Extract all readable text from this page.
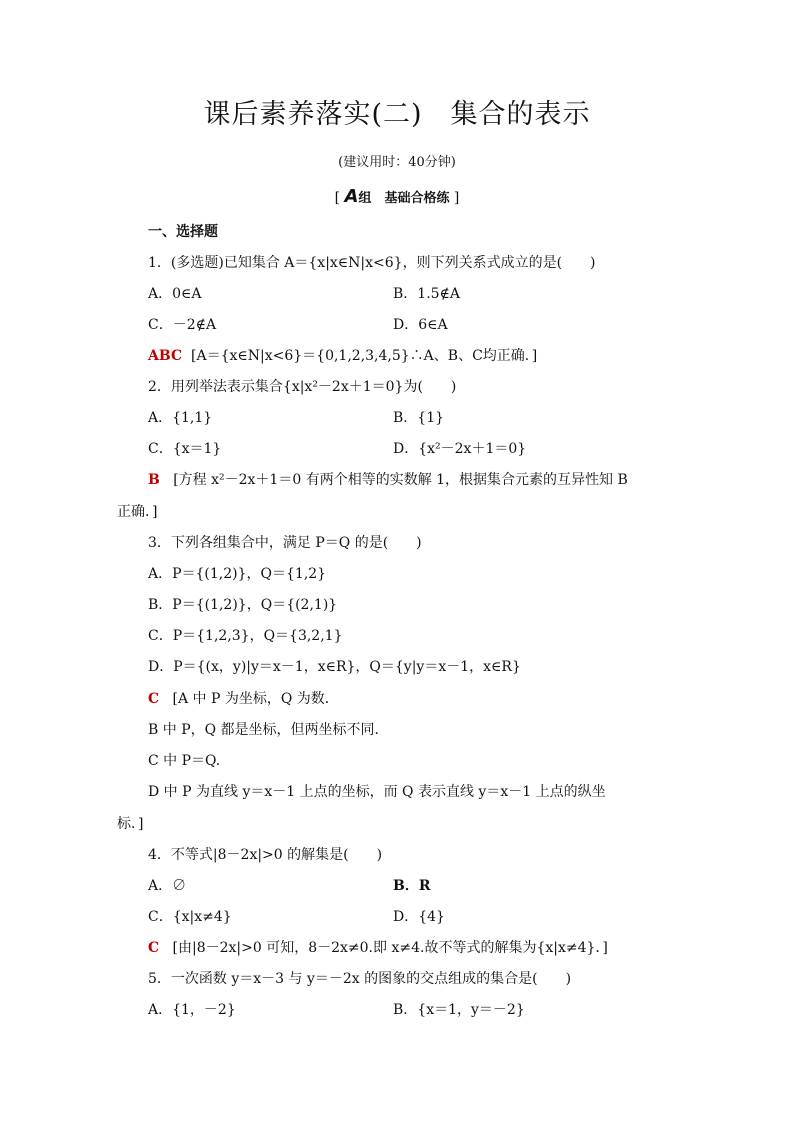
课后素养落实(二) 集合的表示
(建议用时：40分钟)
[ A组　基础合格练 ]
一、选择题
1．(多选题)已知集合 A＝{x|x∈N|x<6}，则下列关系式成立的是(　　)
A．0∈A	B．1.5∉A
C．－2∉A	D．6∈A
ABC [A＝{x∈N|x<6}＝{0,1,2,3,4,5}∴A、B、C均正确．]
2．用列举法表示集合{x|x²－2x＋1＝0}为(　　)
A．{1,1}	B．{1}
C．{x＝1}	D．{x²－2x＋1＝0}
B [方程 x²－2x＋1＝0 有两个相等的实数解 1，根据集合元素的互异性知 B
正确．]
3．下列各组集合中，满足 P＝Q 的是(　　)
A．P＝{(1,2)}，Q＝{1,2}
B．P＝{(1,2)}，Q＝{(2,1)}
C．P＝{1,2,3}，Q＝{3,2,1}
D．P＝{(x，y)|y＝x－1，x∈R}，Q＝{y|y＝x－1，x∈R}
C [A 中 P 为坐标，Q 为数．
B 中 P，Q 都是坐标，但两坐标不同．
C 中 P＝Q.
D 中 P 为直线 y＝x－1 上点的坐标，而 Q 表示直线 y＝x－1 上点的纵坐
标．]
4．不等式|8－2x|>0 的解集是(　　)
A．∅	B．R
C．{x|x≠4}	D．{4}
C [由|8－2x|>0 可知，8－2x≠0.即 x≠4.故不等式的解集为{x|x≠4}．]
5．一次函数 y＝x－3 与 y＝－2x 的图象的交点组成的集合是(　　)
A．{1，－2}	B．{x＝1，y＝－2}
